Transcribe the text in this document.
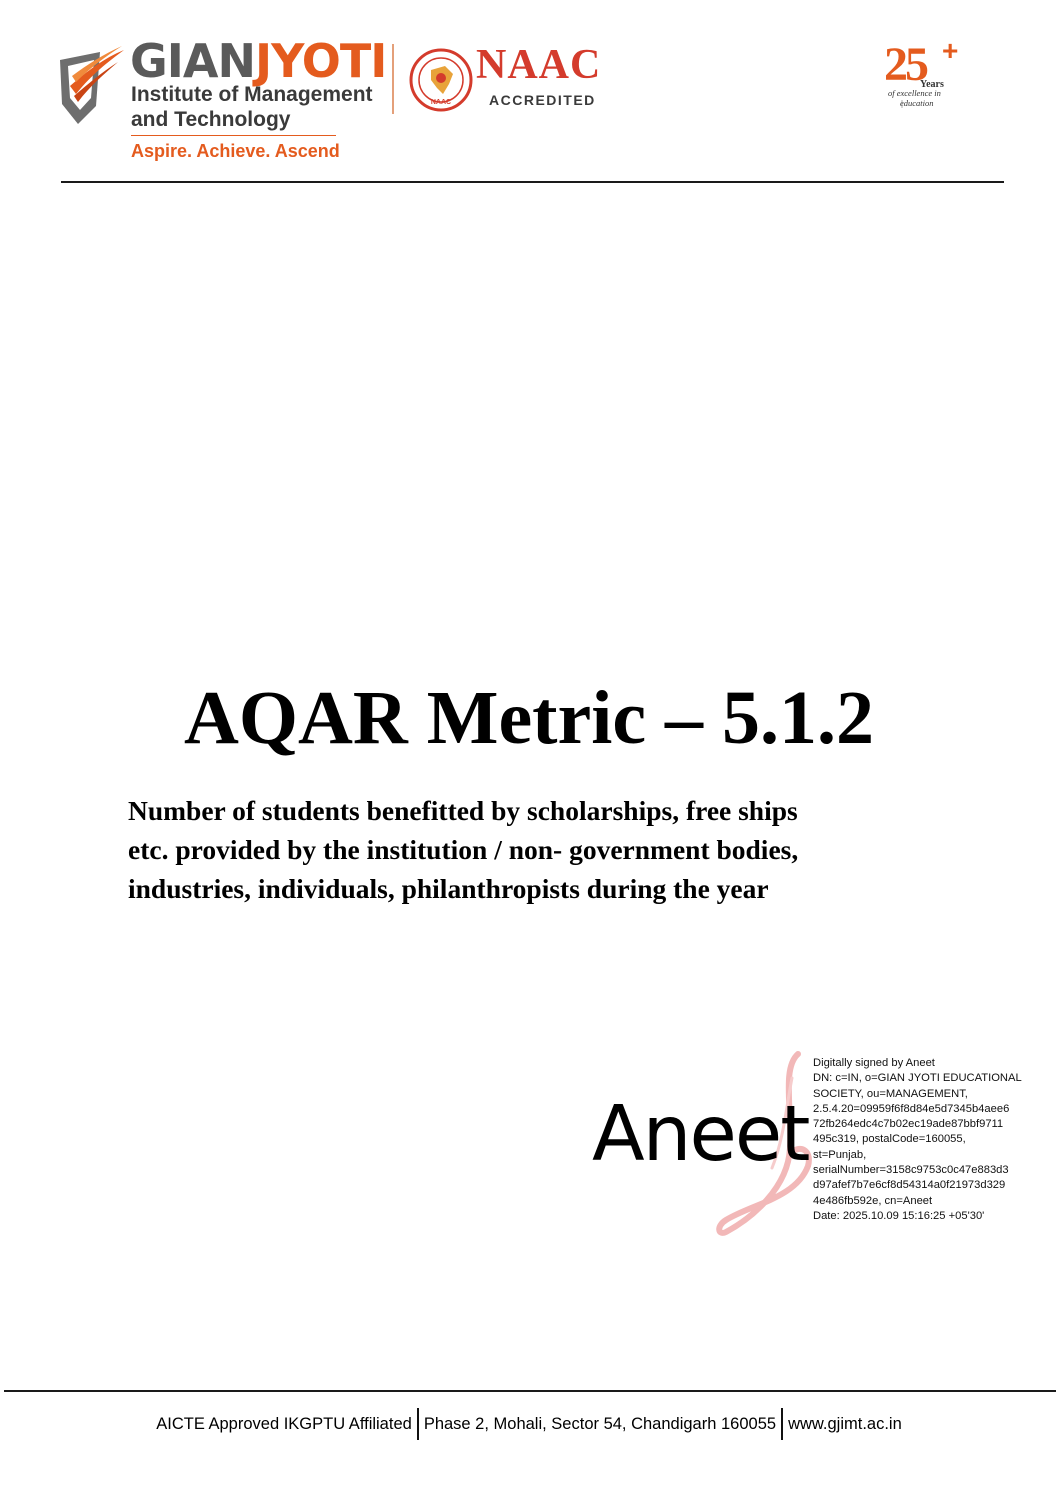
GIANJYOTI
Institute of Management
and Technology
Aspire. Achieve. Ascend
NAAC
NAAC
ACCREDITED
25 +
Years
of excellence in
education
AQAR Metric – 5.1.2
Number of students benefitted by scholarships, free ships
etc. provided by the institution / non- government bodies,
industries, individuals, philanthropists during the year
Aneet
Digitally signed by Aneet
DN: c=IN, o=GIAN JYOTI EDUCATIONAL
SOCIETY, ou=MANAGEMENT,
2.5.4.20=09959f6f8d84e5d7345b4aee6
72fb264edc4c7b02ec19ade87bbf9711
495c319, postalCode=160055,
st=Punjab,
serialNumber=3158c9753c0c47e883d3
d97afef7b7e6cf8d54314a0f21973d329
4e486fb592e, cn=Aneet
Date: 2025.10.09 15:16:25 +05'30'
AICTE Approved IKGPTU Affiliated Phase 2, Mohali, Sector 54, Chandigarh 160055 www.gjimt.ac.in
